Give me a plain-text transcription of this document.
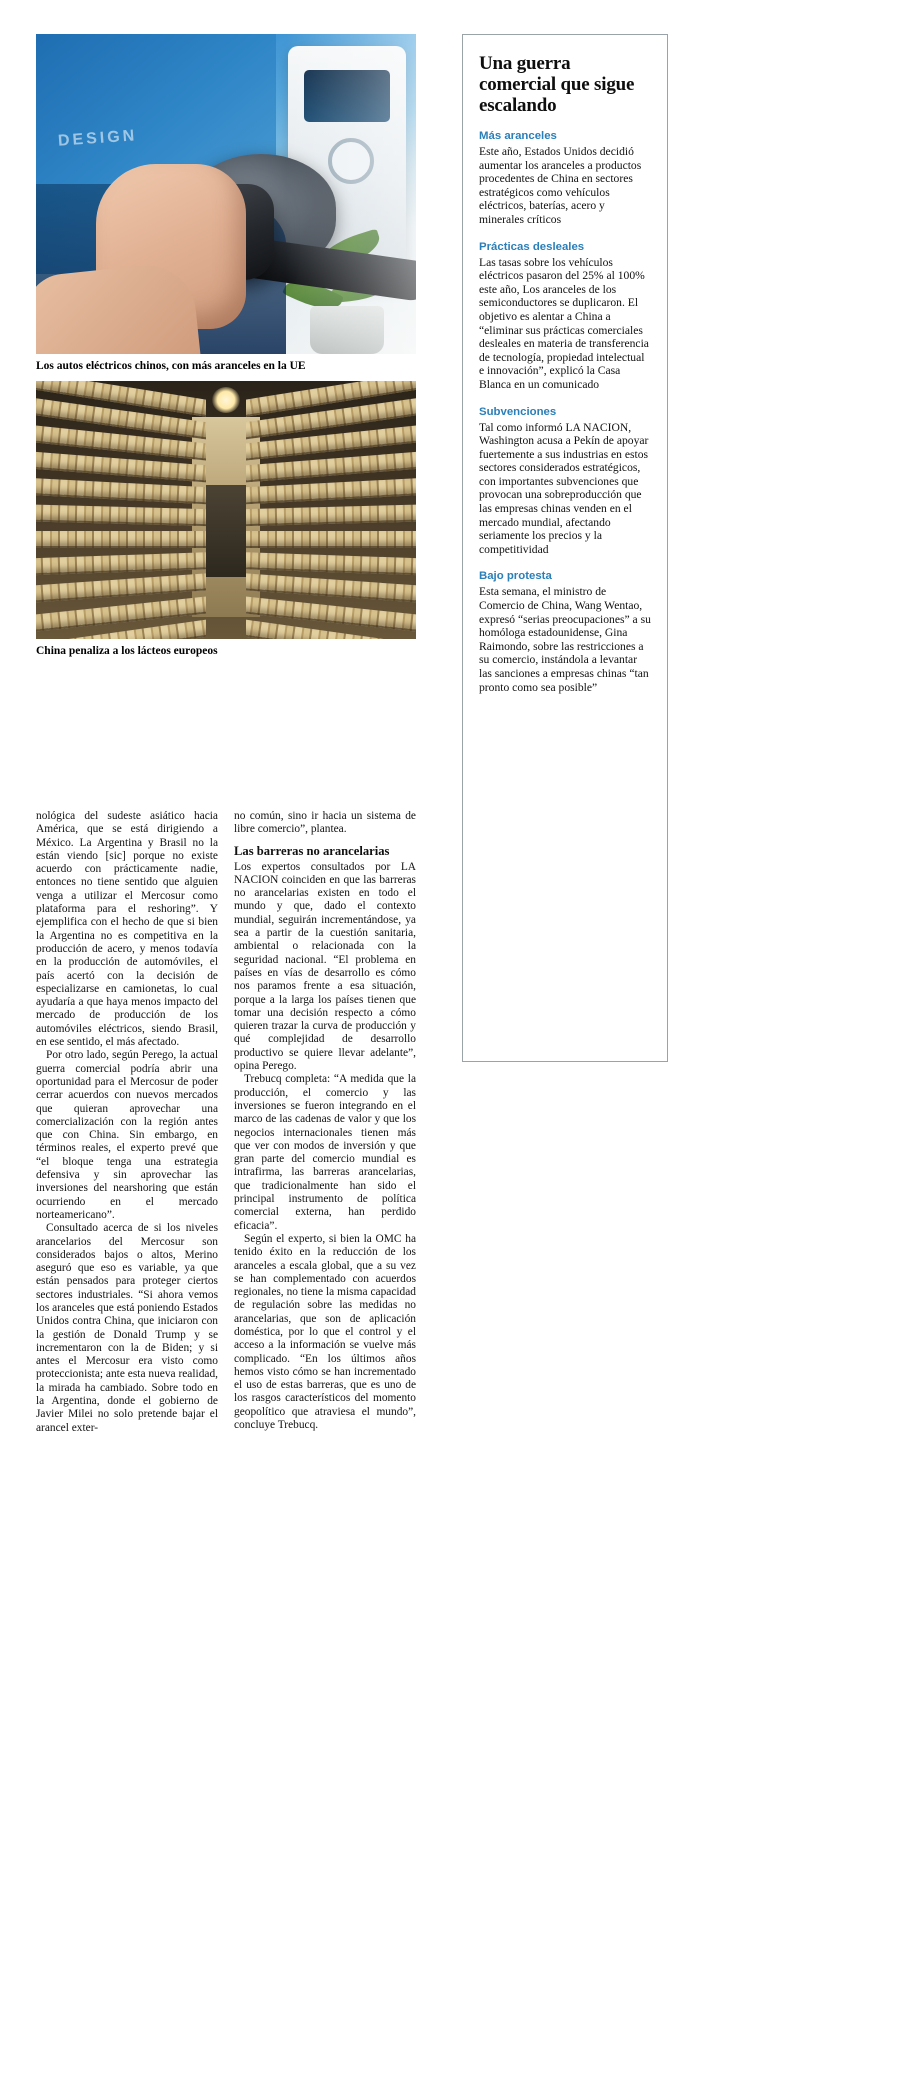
DESIGN
Los autos eléctricos chinos, con más aranceles en la UE
China penaliza a los lácteos europeos

nológica del sudeste asiático hacia América, que se está dirigiendo a México. La Argentina y Brasil no la están viendo [sic] porque no existe acuerdo con prácticamente nadie, entonces no tiene sentido que alguien venga a utilizar el Mercosur como plataforma para el reshoring”. Y ejemplifica con el hecho de que si bien la Argentina no es competitiva en la producción de acero, y menos todavía en la producción de automóviles, el país acertó con la decisión de especializarse en camionetas, lo cual ayudaría a que haya menos impacto del mercado de producción de los automóviles eléctricos, siendo Brasil, en ese sentido, el más afectado.

Por otro lado, según Perego, la actual guerra comercial podría abrir una oportunidad para el Mercosur de poder cerrar acuerdos con nuevos mercados que quieran aprovechar una comercialización con la región antes que con China. Sin embargo, en términos reales, el experto prevé que “el bloque tenga una estrategia defensiva y sin aprovechar las inversiones del nearshoring que están ocurriendo en el mercado norteamericano”.

Consultado acerca de si los niveles arancelarios del Mercosur son considerados bajos o altos, Merino aseguró que eso es variable, ya que están pensados para proteger ciertos sectores industriales. “Si ahora vemos los aranceles que está poniendo Estados Unidos contra China, que iniciaron con la gestión de Donald Trump y se incrementaron con la de Biden; y si antes el Mercosur era visto como proteccionista; ante esta nueva realidad, la mirada ha cambiado. Sobre todo en la Argentina, donde el gobierno de Javier Milei no solo pretende bajar el arancel exter-

no común, sino ir hacia un sistema de libre comercio”, plantea.

Las barreras no arancelarias

Los expertos consultados por LA NACION coinciden en que las barreras no arancelarias existen en todo el mundo y que, dado el contexto mundial, seguirán incrementándose, ya sea a partir de la cuestión sanitaria, ambiental o relacionada con la seguridad nacional. “El problema en países en vías de desarrollo es cómo nos paramos frente a esa situación, porque a la larga los países tienen que tomar una decisión respecto a cómo quieren trazar la curva de producción y qué complejidad de desarrollo productivo se quiere llevar adelante”, opina Perego.

Trebucq completa: “A medida que la producción, el comercio y las inversiones se fueron integrando en el marco de las cadenas de valor y que los negocios internacionales tienen más que ver con modos de inversión y que gran parte del comercio mundial es intrafirma, las barreras arancelarias, que tradicionalmente han sido el principal instrumento de política comercial externa, han perdido eficacia”.

Según el experto, si bien la OMC ha tenido éxito en la reducción de los aranceles a escala global, que a su vez se han complementado con acuerdos regionales, no tiene la misma capacidad de regulación sobre las medidas no arancelarias, que son de aplicación doméstica, por lo que el control y el acceso a la información se vuelve más complicado. “En los últimos años hemos visto cómo se han incrementado el uso de estas barreras, que es uno de los rasgos característicos del momento geopolítico que atraviesa el mundo”, concluye Trebucq.

Una guerra comercial que sigue escalando
Más aranceles
Este año, Estados Unidos decidió aumentar los aranceles a productos procedentes de China en sectores estratégicos como vehículos eléctricos, baterías, acero y minerales críticos
Prácticas desleales
Las tasas sobre los vehículos eléctricos pasaron del 25% al 100% este año, Los aranceles de los semiconductores se duplicaron. El objetivo es alentar a China a “eliminar sus prácticas comerciales desleales en materia de transferencia de tecnología, propiedad intelectual e innovación”, explicó la Casa Blanca en un comunicado
Subvenciones
Tal como informó LA NACION, Washington acusa a Pekín de apoyar fuertemente a sus industrias en estos sectores considerados estratégicos, con importantes subvenciones que provocan una sobreproducción que las empresas chinas venden en el mercado mundial, afectando seriamente los precios y la competitividad
Bajo protesta
Esta semana, el ministro de Comercio de China, Wang Wentao, expresó “serias preocupaciones” a su homóloga estadounidense, Gina Raimondo, sobre las restricciones a su comercio, instándola a levantar las sanciones a empresas chinas “tan pronto como sea posible”
